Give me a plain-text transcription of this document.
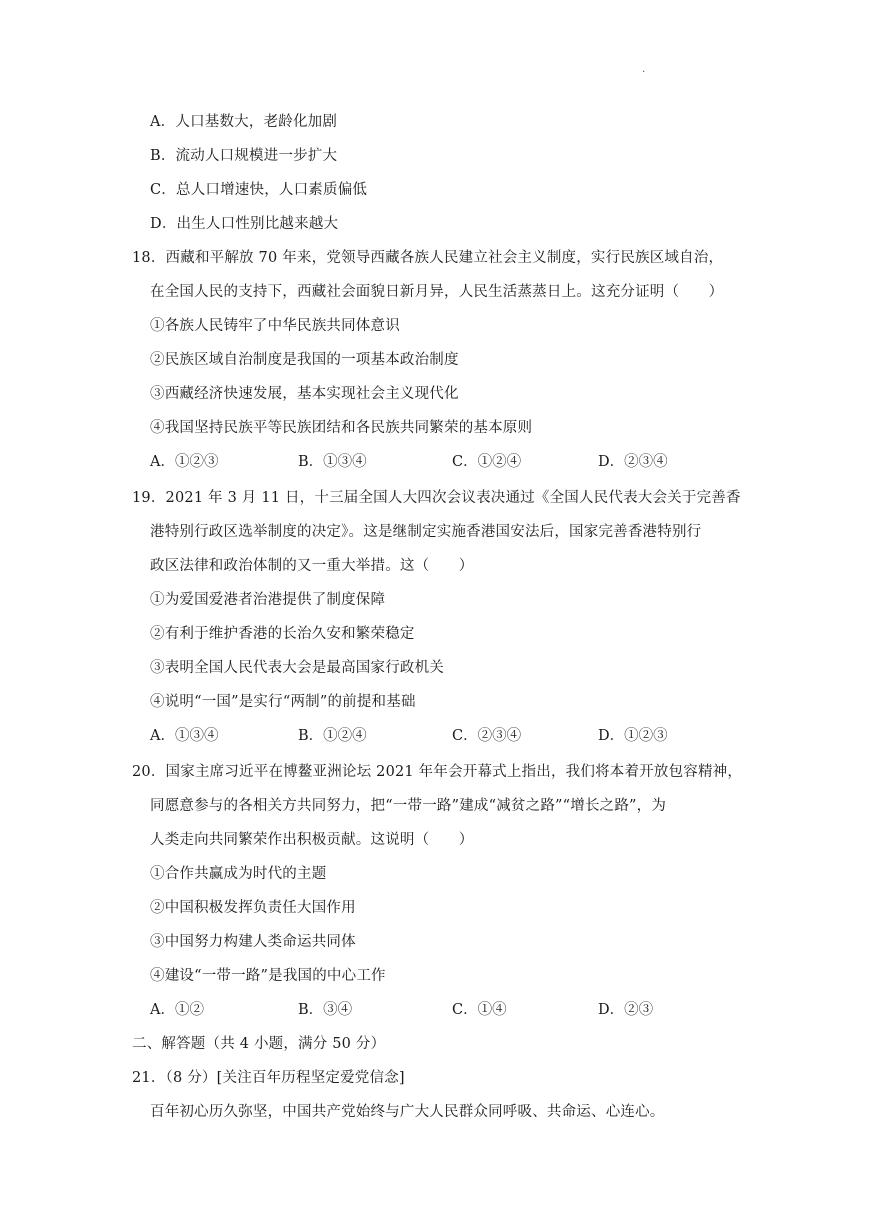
.
A．人口基数大，老龄化加剧
B．流动人口规模进一步扩大
C．总人口增速快，人口素质偏低
D．出生人口性别比越来越大
18．西藏和平解放 70 年来，党领导西藏各族人民建立社会主义制度，实行民族区域自治，
在全国人民的支持下，西藏社会面貌日新月异，人民生活蒸蒸日上。这充分证明（　　）
①各族人民铸牢了中华民族共同体意识
②民族区域自治制度是我国的一项基本政治制度
③西藏经济快速发展，基本实现社会主义现代化
④我国坚持民族平等民族团结和各民族共同繁荣的基本原则
A．①②③	B．①③④	C．①②④	D．②③④
19．2021 年 3 月 11 日，十三届全国人大四次会议表决通过《全国人民代表大会关于完善香
港特别行政区选举制度的决定》。这是继制定实施香港国安法后，国家完善香港特别行
政区法律和政治体制的又一重大举措。这（　　）
①为爱国爱港者治港提供了制度保障
②有利于维护香港的长治久安和繁荣稳定
③表明全国人民代表大会是最高国家行政机关
④说明“一国”是实行“两制”的前提和基础
A．①③④	B．①②④	C．②③④	D．①②③
20．国家主席习近平在博鳌亚洲论坛 2021 年年会开幕式上指出，我们将本着开放包容精神，
同愿意参与的各相关方共同努力，把“一带一路”建成“减贫之路”“增长之路”，为
人类走向共同繁荣作出积极贡献。这说明（　　）
①合作共赢成为时代的主题
②中国积极发挥负责任大国作用
③中国努力构建人类命运共同体
④建设“一带一路”是我国的中心工作
A．①②	B．③④	C．①④	D．②③
二、解答题（共 4 小题，满分 50 分）
21．（8 分）[关注百年历程坚定爱党信念]
百年初心历久弥坚，中国共产党始终与广大人民群众同呼吸、共命运、心连心。
